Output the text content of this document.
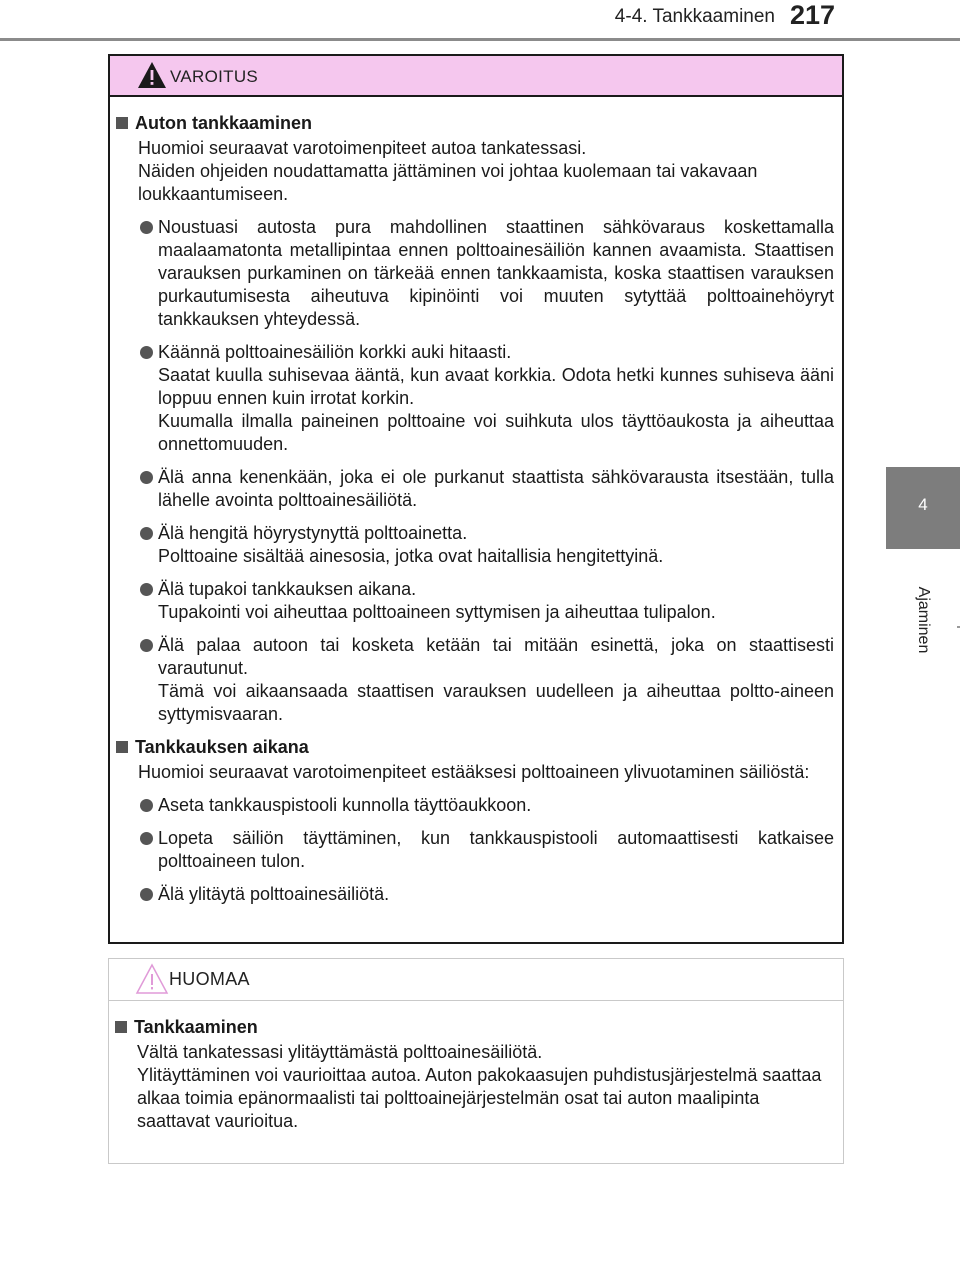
4-4. Tankkaaminen 217
4
Ajaminen
VAROITUS
Auton tankkaaminen

Huomioi seuraavat varotoimenpiteet autoa tankatessasi.

Näiden ohjeiden noudattamatta jättäminen voi johtaa kuolemaan tai vakavaan loukkaantumiseen.

Noustuasi autosta pura mahdollinen staattinen sähkövaraus koskettamalla maalaamatonta metallipintaa ennen polttoainesäiliön kannen avaamista. Staattisen varauksen purkaminen on tärkeää ennen tankkaamista, koska staattisen varauksen purkautumisesta aiheutuva kipinöinti voi muuten sytyttää polttoainehöyryt tankkauksen yhteydessä.

Käännä polttoainesäiliön korkki auki hitaasti.

Saatat kuulla suhisevaa ääntä, kun avaat korkkia. Odota hetki kunnes suhiseva ääni loppuu ennen kuin irrotat korkin.

Kuumalla ilmalla paineinen polttoaine voi suihkuta ulos täyttöaukosta ja aiheuttaa onnettomuuden.

Älä anna kenenkään, joka ei ole purkanut staattista sähkövarausta itsestään, tulla lähelle avointa polttoainesäiliötä.

Älä hengitä höyrystynyttä polttoainetta.

Polttoaine sisältää ainesosia, jotka ovat haitallisia hengitettyinä.

Älä tupakoi tankkauksen aikana.

Tupakointi voi aiheuttaa polttoaineen syttymisen ja aiheuttaa tulipalon.

Älä palaa autoon tai kosketa ketään tai mitään esinettä, joka on staattisesti varautunut.

Tämä voi aikaansaada staattisen varauksen uudelleen ja aiheuttaa poltto-aineen syttymisvaaran.

Tankkauksen aikana

Huomioi seuraavat varotoimenpiteet estääksesi polttoaineen ylivuotaminen säiliöstä:

Aseta tankkauspistooli kunnolla täyttöaukkoon.

Lopeta säiliön täyttäminen, kun tankkauspistooli automaattisesti katkaisee polttoaineen tulon.

Älä ylitäytä polttoainesäiliötä.

HUOMAA
Tankkaaminen

Vältä tankatessasi ylitäyttämästä polttoainesäiliötä.

Ylitäyttäminen voi vaurioittaa autoa. Auton pakokaasujen puhdistusjärjestelmä saattaa alkaa toimia epänormaalisti tai polttoainejärjestelmän osat tai auton maalipinta saattavat vaurioitua.
